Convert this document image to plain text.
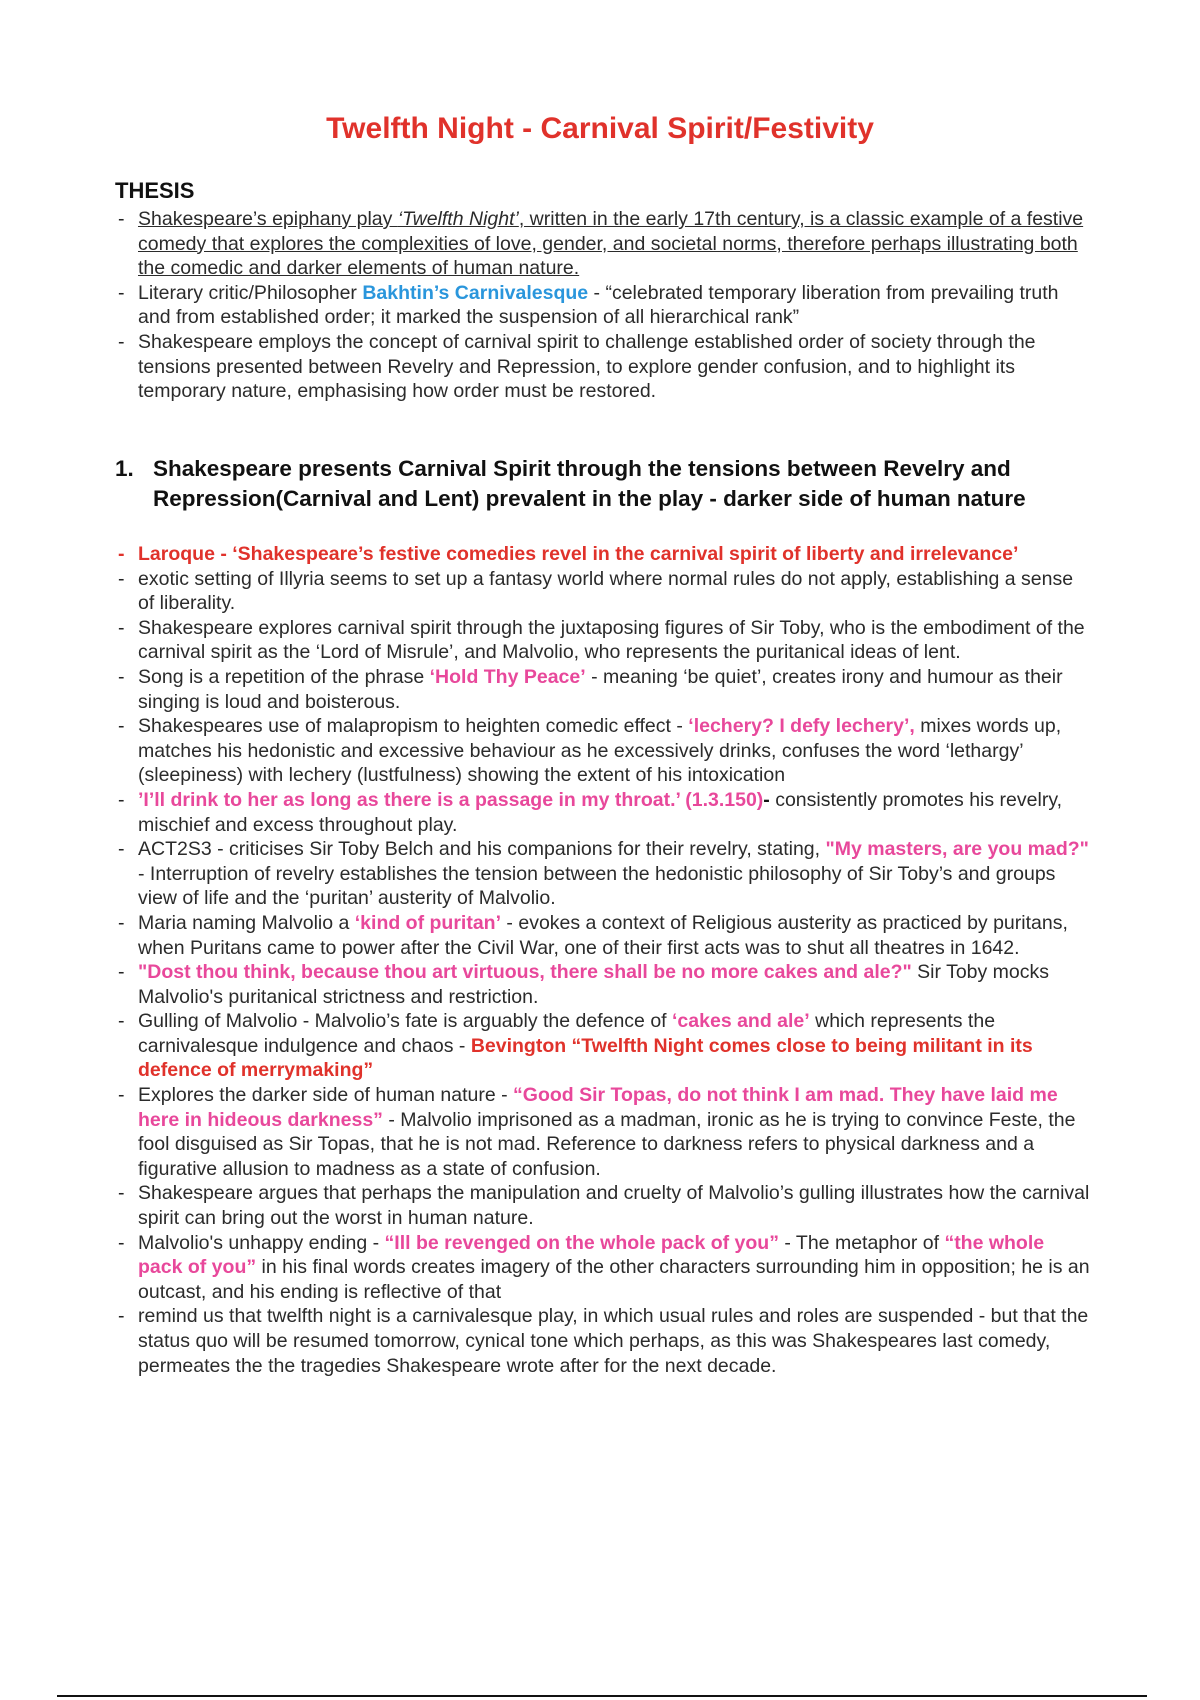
Twelfth Night - Carnival Spirit/Festivity
THESIS
- Shakespeare’s epiphany play ‘Twelfth Night’, written in the early 17th century, is a classic example of a festive comedy that explores the complexities of love, gender, and societal norms, therefore perhaps illustrating both the comedic and darker elements of human nature.
- Literary critic/Philosopher Bakhtin’s Carnivalesque - “celebrated temporary liberation from prevailing truth and from established order; it marked the suspension of all hierarchical rank”
- Shakespeare employs the concept of carnival spirit to challenge established order of society through the tensions presented between Revelry and Repression, to explore gender confusion, and to highlight its temporary nature, emphasising how order must be restored.
1. Shakespeare presents Carnival Spirit through the tensions between Revelry and Repression(Carnival and Lent) prevalent in the play - darker side of human nature
- Laroque - ‘Shakespeare’s festive comedies revel in the carnival spirit of liberty and irrelevance’
- exotic setting of Illyria seems to set up a fantasy world where normal rules do not apply, establishing a sense of liberality.
- Shakespeare explores carnival spirit through the juxtaposing figures of Sir Toby, who is the embodiment of the carnival spirit as the ‘Lord of Misrule’, and Malvolio, who represents the puritanical ideas of lent.
- Song is a repetition of the phrase ‘Hold Thy Peace’ - meaning ‘be quiet’, creates irony and humour as their singing is loud and boisterous.
- Shakespeares use of malapropism to heighten comedic effect - ‘lechery? I defy lechery’, mixes words up, matches his hedonistic and excessive behaviour as he excessively drinks, confuses the word ‘lethargy’ (sleepiness) with lechery (lustfulness) showing the extent of his intoxication
- ’I’ll drink to her as long as there is a passage in my throat.’ (1.3.150)- consistently promotes his revelry, mischief and excess throughout play.
- ACT2S3 - criticises Sir Toby Belch and his companions for their revelry, stating, "My masters, are you mad?" - Interruption of revelry establishes the tension between the hedonistic philosophy of Sir Toby’s and groups view of life and the ‘puritan’ austerity of Malvolio.
- Maria naming Malvolio a ‘kind of puritan’ - evokes a context of Religious austerity as practiced by puritans, when Puritans came to power after the Civil War, one of their first acts was to shut all theatres in 1642.
- "Dost thou think, because thou art virtuous, there shall be no more cakes and ale?" Sir Toby mocks Malvolio's puritanical strictness and restriction.
- Gulling of Malvolio - Malvolio’s fate is arguably the defence of ‘cakes and ale’ which represents the carnivalesque indulgence and chaos - Bevington “Twelfth Night comes close to being militant in its defence of merrymaking”
- Explores the darker side of human nature - “Good Sir Topas, do not think I am mad. They have laid me here in hideous darkness” - Malvolio imprisoned as a madman, ironic as he is trying to convince Feste, the fool disguised as Sir Topas, that he is not mad. Reference to darkness refers to physical darkness and a figurative allusion to madness as a state of confusion.
- Shakespeare argues that perhaps the manipulation and cruelty of Malvolio’s gulling illustrates how the carnival spirit can bring out the worst in human nature.
- Malvolio's unhappy ending - “Ill be revenged on the whole pack of you” - The metaphor of “the whole pack of you” in his final words creates imagery of the other characters surrounding him in opposition; he is an outcast, and his ending is reflective of that
- remind us that twelfth night is a carnivalesque play, in which usual rules and roles are suspended - but that the status quo will be resumed tomorrow, cynical tone which perhaps, as this was Shakespeares last comedy, permeates the the tragedies Shakespeare wrote after for the next decade.
